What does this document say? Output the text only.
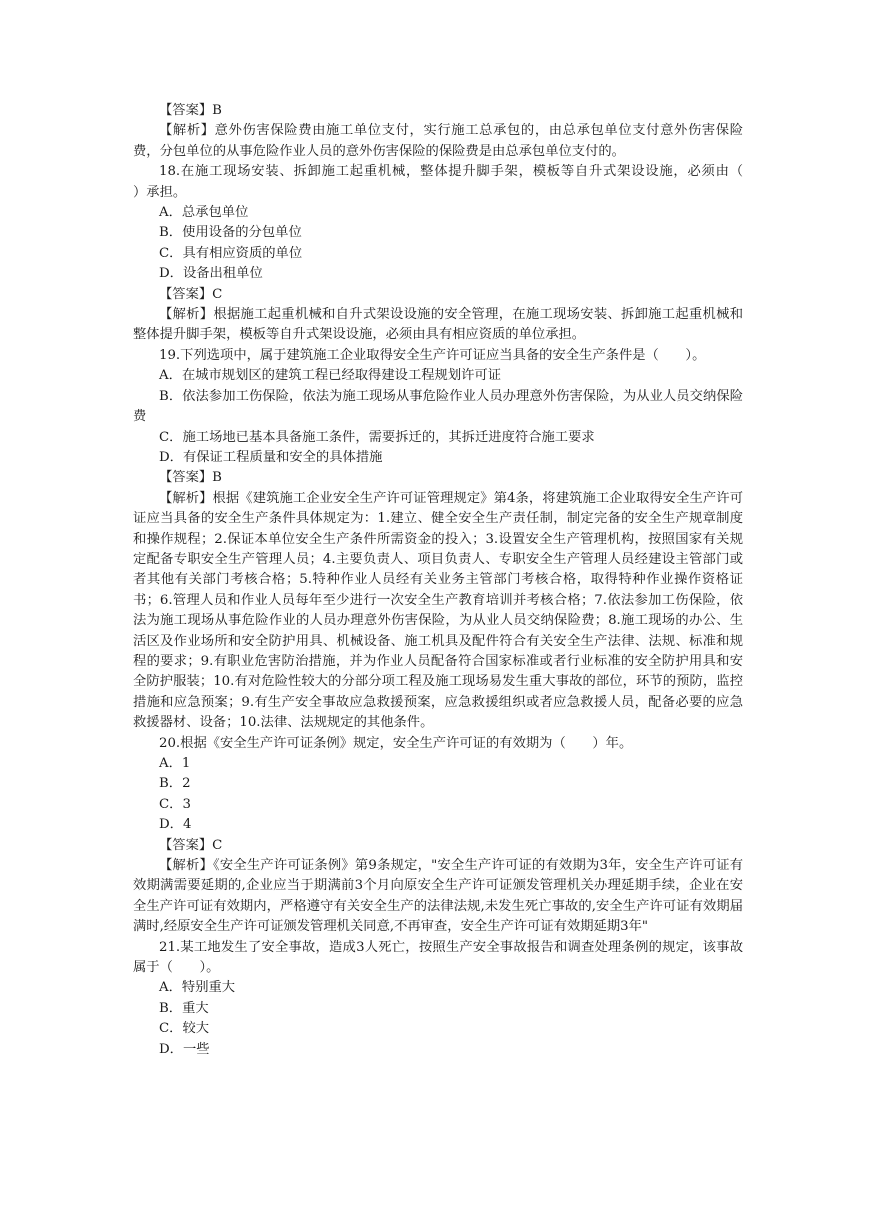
【答案】B

【解析】意外伤害保险费由施工单位支付，实行施工总承包的，由总承包单位支付意外伤害保险费，分包单位的从事危险作业人员的意外伤害保险的保险费是由总承包单位支付的。

18.在施工现场安装、拆卸施工起重机械，整体提升脚手架，模板等自升式架设设施，必须由（　　）承担。

A．总承包单位

B．使用设备的分包单位

C．具有相应资质的单位

D．设备出租单位

【答案】C

【解析】根据施工起重机械和自升式架设设施的安全管理，在施工现场安装、拆卸施工起重机械和整体提升脚手架，模板等自升式架设设施，必须由具有相应资质的单位承担。

19.下列选项中，属于建筑施工企业取得安全生产许可证应当具备的安全生产条件是（　　）。

A．在城市规划区的建筑工程已经取得建设工程规划许可证

B．依法参加工伤保险，依法为施工现场从事危险作业人员办理意外伤害保险，为从业人员交纳保险费

C．施工场地已基本具备施工条件，需要拆迁的，其拆迁进度符合施工要求

D．有保证工程质量和安全的具体措施

【答案】B

【解析】根据《建筑施工企业安全生产许可证管理规定》第4条，将建筑施工企业取得安全生产许可证应当具备的安全生产条件具体规定为：1.建立、健全安全生产责任制，制定完备的安全生产规章制度和操作规程；2.保证本单位安全生产条件所需资金的投入；3.设置安全生产管理机构，按照国家有关规定配备专职安全生产管理人员；4.主要负责人、项目负责人、专职安全生产管理人员经建设主管部门或者其他有关部门考核合格；5.特种作业人员经有关业务主管部门考核合格，取得特种作业操作资格证书；6.管理人员和作业人员每年至少进行一次安全生产教育培训并考核合格；7.依法参加工伤保险，依法为施工现场从事危险作业的人员办理意外伤害保险，为从业人员交纳保险费；8.施工现场的办公、生活区及作业场所和安全防护用具、机械设备、施工机具及配件符合有关安全生产法律、法规、标准和规程的要求；9.有职业危害防治措施，并为作业人员配备符合国家标准或者行业标准的安全防护用具和安全防护服装；10.有对危险性较大的分部分项工程及施工现场易发生重大事故的部位，环节的预防，监控措施和应急预案；9.有生产安全事故应急救援预案，应急救援组织或者应急救援人员，配备必要的应急救援器材、设备；10.法律、法规规定的其他条件。

20.根据《安全生产许可证条例》规定，安全生产许可证的有效期为（　　）年。

A．1

B．2

C．3

D．4

【答案】C

【解析】《安全生产许可证条例》第9条规定，"安全生产许可证的有效期为3年，安全生产许可证有效期满需要延期的,企业应当于期满前3个月向原安全生产许可证颁发管理机关办理延期手续，企业在安全生产许可证有效期内，严格遵守有关安全生产的法律法规,未发生死亡事故的,安全生产许可证有效期届满时,经原安全生产许可证颁发管理机关同意,不再审查，安全生产许可证有效期延期3年"

21.某工地发生了安全事故，造成3人死亡，按照生产安全事故报告和调查处理条例的规定，该事故属于（　　）。

A．特别重大

B．重大

C．较大

D．一些
